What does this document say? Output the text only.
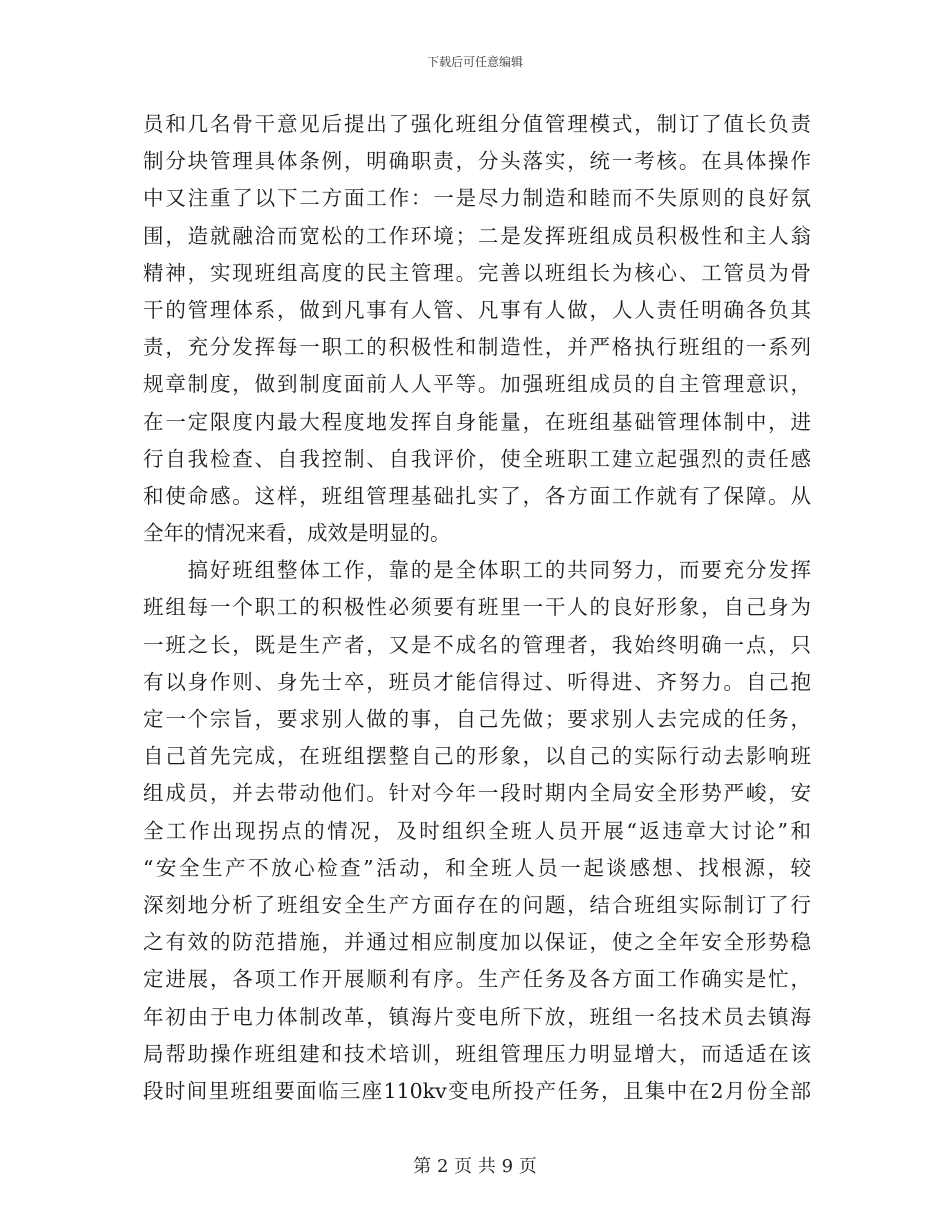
下载后可任意编辑
员和几名骨干意见后提出了强化班组分值管理模式，制订了值长负责
制分块管理具体条例，明确职责，分头落实，统一考核。在具体操作
中又注重了以下二方面工作：一是尽力制造和睦而不失原则的良好氛
围，造就融洽而宽松的工作环境；二是发挥班组成员积极性和主人翁
精神，实现班组高度的民主管理。完善以班组长为核心、工管员为骨
干的管理体系，做到凡事有人管、凡事有人做，人人责任明确各负其
责，充分发挥每一职工的积极性和制造性，并严格执行班组的一系列
规章制度，做到制度面前人人平等。加强班组成员的自主管理意识，
在一定限度内最大程度地发挥自身能量，在班组基础管理体制中，进
行自我检查、自我控制、自我评价，使全班职工建立起强烈的责任感
和使命感。这样，班组管理基础扎实了，各方面工作就有了保障。从
全年的情况来看，成效是明显的。
　　搞好班组整体工作，靠的是全体职工的共同努力，而要充分发挥
班组每一个职工的积极性必须要有班里一干人的良好形象，自己身为
一班之长，既是生产者，又是不成名的管理者，我始终明确一点，只
有以身作则、身先士卒，班员才能信得过、听得进、齐努力。自己抱
定一个宗旨，要求别人做的事，自己先做；要求别人去完成的任务，
自己首先完成，在班组摆整自己的形象，以自己的实际行动去影响班
组成员，并去带动他们。针对今年一段时期内全局安全形势严峻，安
全工作出现拐点的情况，及时组织全班人员开展“返违章大讨论”和
“安全生产不放心检查”活动，和全班人员一起谈感想、找根源，较
深刻地分析了班组安全生产方面存在的问题，结合班组实际制订了行
之有效的防范措施，并通过相应制度加以保证，使之全年安全形势稳
定进展，各项工作开展顺利有序。生产任务及各方面工作确实是忙，
年初由于电力体制改革，镇海片变电所下放，班组一名技术员去镇海
局帮助操作班组建和技术培训，班组管理压力明显增大，而适适在该
段时间里班组要面临三座110kv变电所投产任务，且集中在2月份全部
第 2 页 共 9 页
